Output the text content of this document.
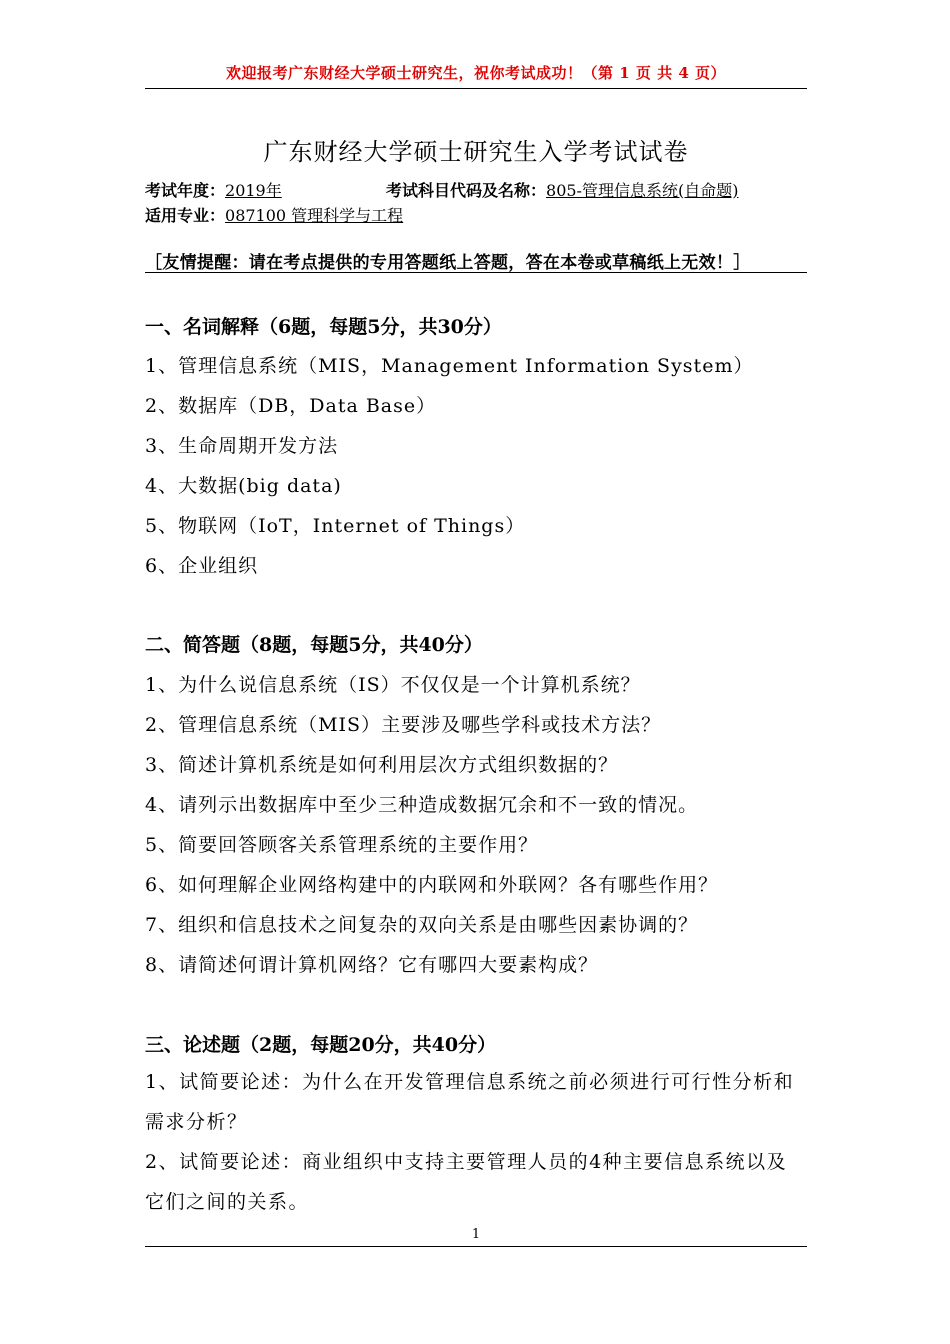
欢迎报考广东财经大学硕士研究生，祝你考试成功！（第 1 页 共 4 页）
广东财经大学硕士研究生入学考试试卷
考试年度：2019年	考试科目代码及名称：805-管理信息系统(自命题)
适用专业：087100 管理科学与工程
［友情提醒：请在考点提供的专用答题纸上答题，答在本卷或草稿纸上无效！］
一、名词解释（6题，每题5分，共30分）
1、管理信息系统（MIS，Management Information System）
2、数据库（DB，Data Base）
3、生命周期开发方法
4、大数据(big data)
5、物联网（IoT，Internet of Things）
6、企业组织
二、简答题（8题，每题5分，共40分）
1、为什么说信息系统（IS）不仅仅是一个计算机系统？
2、管理信息系统（MIS）主要涉及哪些学科或技术方法？
3、简述计算机系统是如何利用层次方式组织数据的？
4、请列示出数据库中至少三种造成数据冗余和不一致的情况。
5、简要回答顾客关系管理系统的主要作用？
6、如何理解企业网络构建中的内联网和外联网？各有哪些作用？
7、组织和信息技术之间复杂的双向关系是由哪些因素协调的？
8、请简述何谓计算机网络？它有哪四大要素构成？
三、论述题（2题，每题20分，共40分）
1、试简要论述：为什么在开发管理信息系统之前必须进行可行性分析和需求分析？
2、试简要论述：商业组织中支持主要管理人员的4种主要信息系统以及它们之间的关系。
1
